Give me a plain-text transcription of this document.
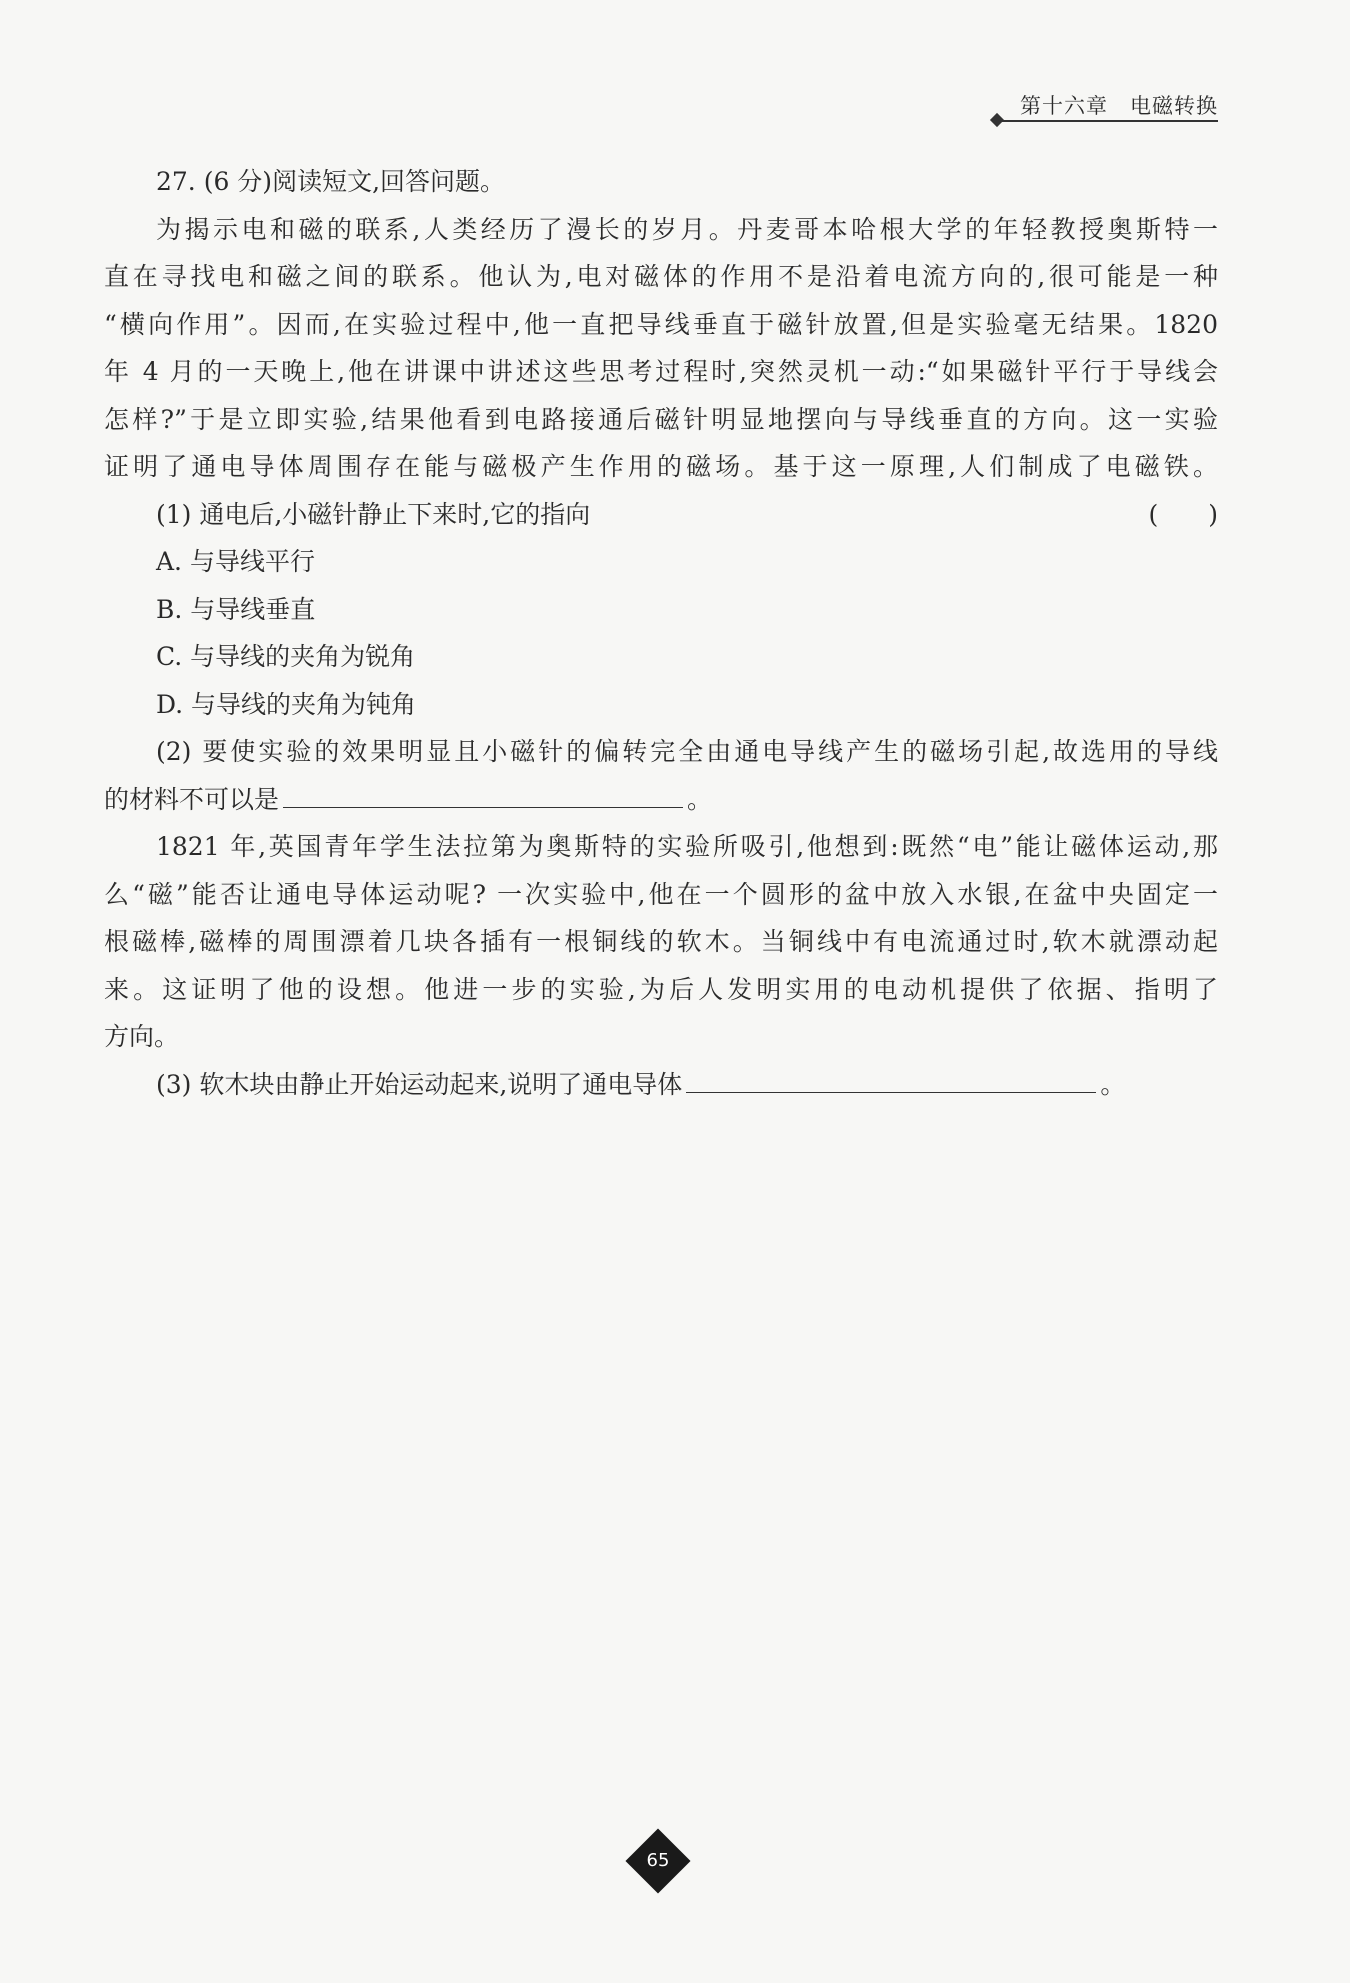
第十六章 电磁转换
27. (6 分)阅读短文,回答问题。
为揭示电和磁的联系,人类经历了漫长的岁月。丹麦哥本哈根大学的年轻教授奥斯特一
直在寻找电和磁之间的联系。他认为,电对磁体的作用不是沿着电流方向的,很可能是一种
“横向作用”。因而,在实验过程中,他一直把导线垂直于磁针放置,但是实验毫无结果。1820
年 4 月的一天晚上,他在讲课中讲述这些思考过程时,突然灵机一动:“如果磁针平行于导线会
怎样?”于是立即实验,结果他看到电路接通后磁针明显地摆向与导线垂直的方向。这一实验
证明了通电导体周围存在能与磁极产生作用的磁场。基于这一原理,人们制成了电磁铁。
(1) 通电后,小磁针静止下来时,它的指向	(　　)
A. 与导线平行
B. 与导线垂直
C. 与导线的夹角为锐角
D. 与导线的夹角为钝角
(2) 要使实验的效果明显且小磁针的偏转完全由通电导线产生的磁场引起,故选用的导线
的材料不可以是	。
1821 年,英国青年学生法拉第为奥斯特的实验所吸引,他想到:既然“电”能让磁体运动,那
么“磁”能否让通电导体运动呢? 一次实验中,他在一个圆形的盆中放入水银,在盆中央固定一
根磁棒,磁棒的周围漂着几块各插有一根铜线的软木。当铜线中有电流通过时,软木就漂动起
来。这证明了他的设想。他进一步的实验,为后人发明实用的电动机提供了依据、指明了
方向。
(3) 软木块由静止开始运动起来,说明了通电导体	。
65
